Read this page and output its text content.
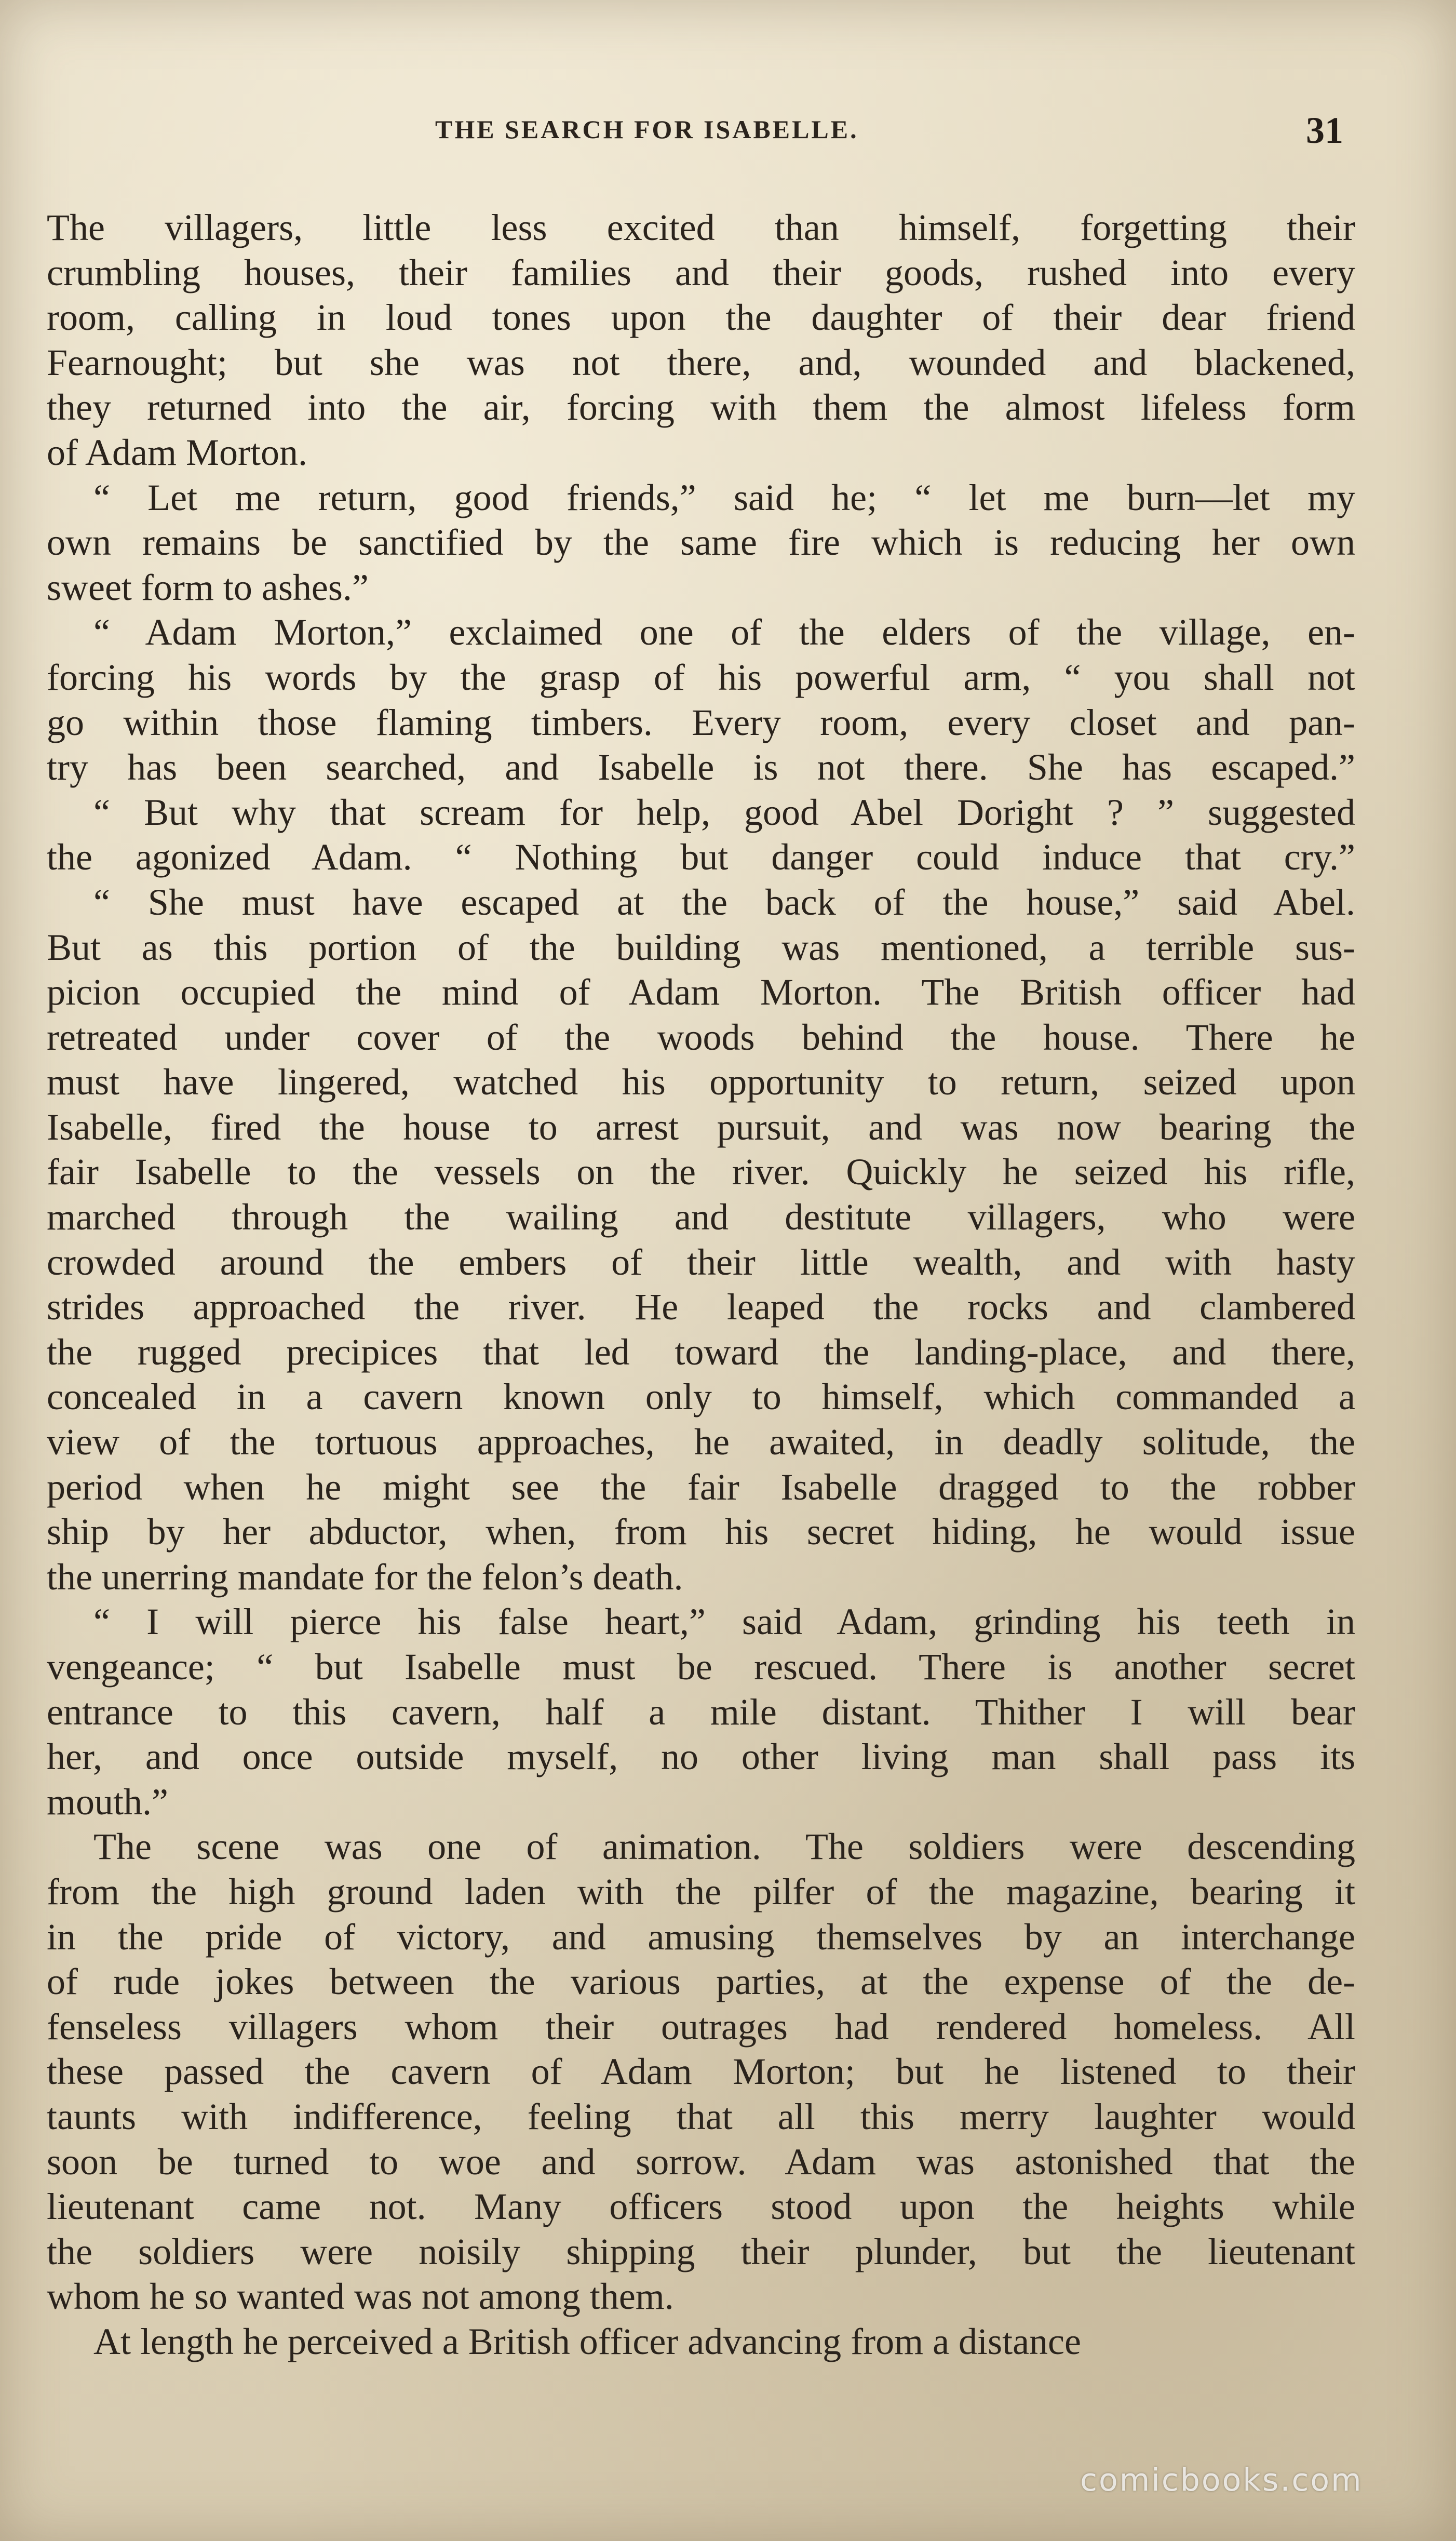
THE SEARCH FOR ISABELLE.	31
The villagers, little less excited than himself, forgetting their
crumbling houses, their families and their goods, rushed into every
room, calling in loud tones upon the daughter of their dear friend
Fearnought; but she was not there, and, wounded and blackened,
they returned into the air, forcing with them the almost lifeless form
of Adam Morton.
“ Let me return, good friends,” said he; “ let me burn—let my
own remains be sanctified by the same fire which is reducing her own
sweet form to ashes.”
“ Adam Morton,” exclaimed one of the elders of the village, en-
forcing his words by the grasp of his powerful arm, “ you shall not
go within those flaming timbers. Every room, every closet and pan-
try has been searched, and Isabelle is not there. She has escaped.”
“ But why that scream for help, good Abel Doright ? ” suggested
the agonized Adam. “ Nothing but danger could induce that cry.”
“ She must have escaped at the back of the house,” said Abel.
But as this portion of the building was mentioned, a terrible sus-
picion occupied the mind of Adam Morton. The British officer had
retreated under cover of the woods behind the house. There he
must have lingered, watched his opportunity to return, seized upon
Isabelle, fired the house to arrest pursuit, and was now bearing the
fair Isabelle to the vessels on the river. Quickly he seized his rifle,
marched through the wailing and destitute villagers, who were
crowded around the embers of their little wealth, and with hasty
strides approached the river. He leaped the rocks and clambered
the rugged precipices that led toward the landing-place, and there,
concealed in a cavern known only to himself, which commanded a
view of the tortuous approaches, he awaited, in deadly solitude, the
period when he might see the fair Isabelle dragged to the robber
ship by her abductor, when, from his secret hiding, he would issue
the unerring mandate for the felon’s death.
“ I will pierce his false heart,” said Adam, grinding his teeth in
vengeance; “ but Isabelle must be rescued. There is another secret
entrance to this cavern, half a mile distant. Thither I will bear
her, and once outside myself, no other living man shall pass its
mouth.”
The scene was one of animation. The soldiers were descending
from the high ground laden with the pilfer of the magazine, bearing it
in the pride of victory, and amusing themselves by an interchange
of rude jokes between the various parties, at the expense of the de-
fenseless villagers whom their outrages had rendered homeless. All
these passed the cavern of Adam Morton; but he listened to their
taunts with indifference, feeling that all this merry laughter would
soon be turned to woe and sorrow. Adam was astonished that the
lieutenant came not. Many officers stood upon the heights while
the soldiers were noisily shipping their plunder, but the lieutenant
whom he so wanted was not among them.
At length he perceived a British officer advancing from a distance
comicbooks.com
